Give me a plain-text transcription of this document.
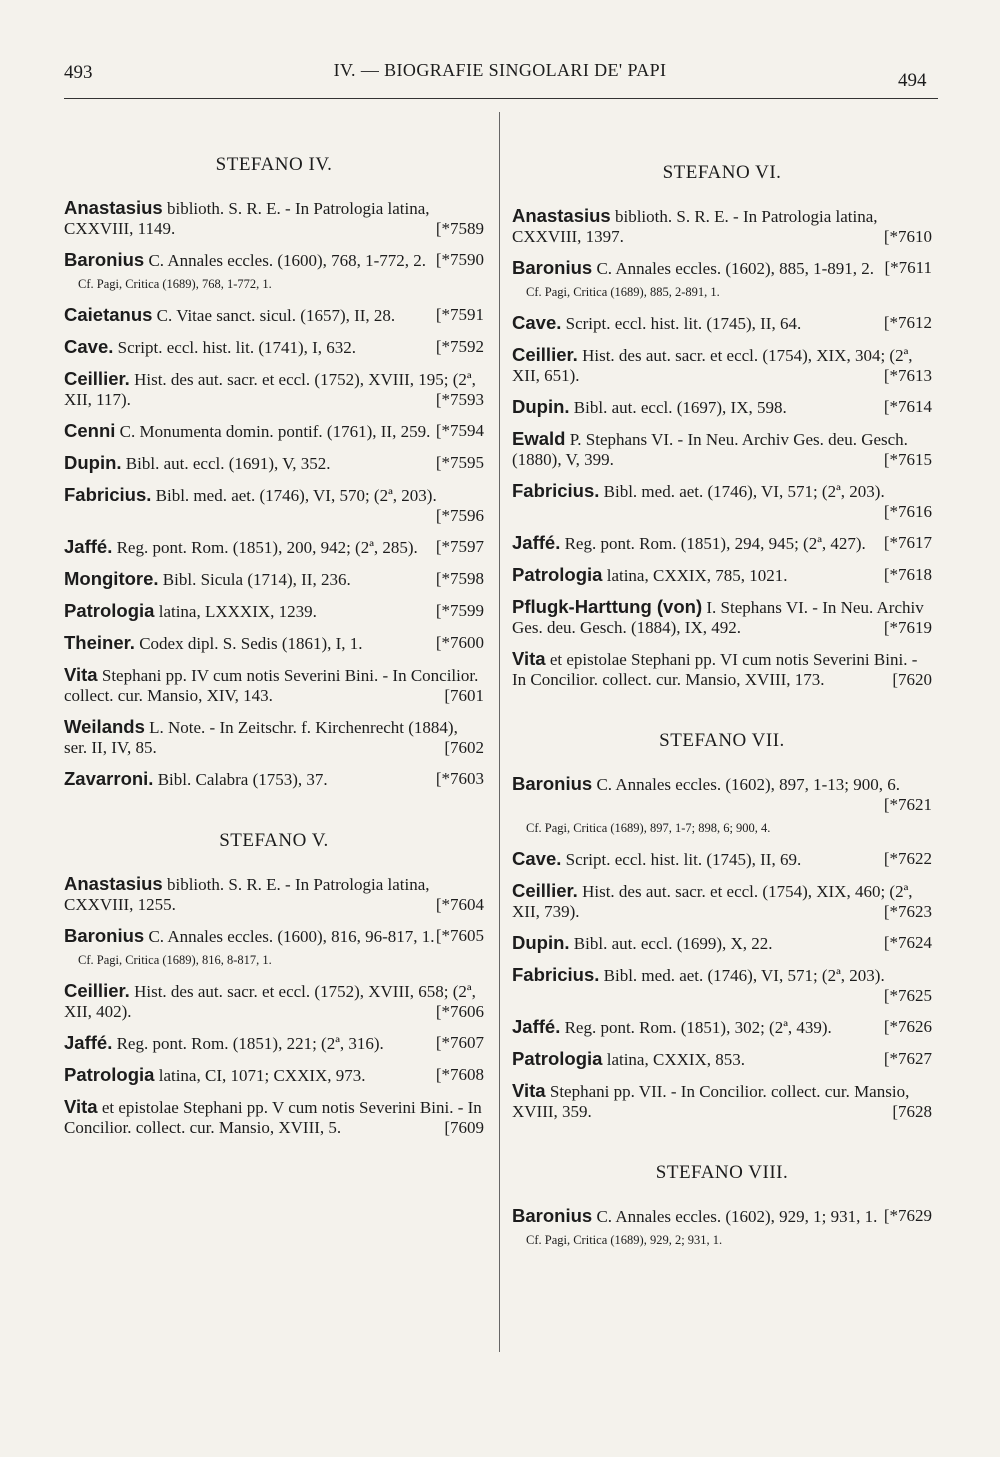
493	IV. — BIOGRAFIE SINGOLARI DE' PAPI	494
STEFANO IV.
Anastasius biblioth. S. R. E. - In Patrologia latina, CXXVIII, 1149.	[*7589
Baronius C. Annales eccles. (1600), 768, 1-772, 2. [*7590
Cf. Pagi, Critica (1689), 768, 1-772, 1.
Caietanus C. Vitae sanct. sicul. (1657), II, 28. [*7591
Cave. Script. eccl. hist. lit. (1741), I, 632.	[*7592
Ceillier. Hist. des aut. sacr. et eccl. (1752), XVIII, 195; (2ª, XII, 117).	[*7593
Cenni C. Monumenta domin. pontif. (1761), II, 259. [*7594
Dupin. Bibl. aut. eccl. (1691), V, 352.	[*7595
Fabricius. Bibl. med. aet. (1746), VI, 570; (2ª, 203).
[*7596
Jaffé. Reg. pont. Rom. (1851), 200, 942; (2ª, 285). [*7597
Mongitore. Bibl. Sicula (1714), II, 236.	[*7598
Patrologia latina, LXXXIX, 1239.	[*7599
Theiner. Codex dipl. S. Sedis (1861), I, 1.	[*7600
Vita Stephani pp. IV cum notis Severini Bini. - In Concilior. collect. cur. Mansio, XIV, 143.	[7601
Weilands L. Note. - In Zeitschr. f. Kirchenrecht (1884), ser. II, IV, 85.	[7602
Zavarroni. Bibl. Calabra (1753), 37.	[*7603
STEFANO V.
Anastasius biblioth. S. R. E. - In Patrologia latina, CXXVIII, 1255.	[*7604
Baronius C. Annales eccles. (1600), 816, 96-817, 1. [*7605
Cf. Pagi, Critica (1689), 816, 8-817, 1.
Ceillier. Hist. des aut. sacr. et eccl. (1752), XVIII, 658; (2ª, XII, 402).	[*7606
Jaffé. Reg. pont. Rom. (1851), 221; (2ª, 316).	[*7607
Patrologia latina, CI, 1071; CXXIX, 973.	[*7608
Vita et epistolae Stephani pp. V cum notis Severini Bini. - In Concilior. collect. cur. Mansio, XVIII, 5.	[7609
STEFANO VI.
Anastasius biblioth. S. R. E. - In Patrologia latina, CXXVIII, 1397.	[*7610
Baronius C. Annales eccles. (1602), 885, 1-891, 2. [*7611
Cf. Pagi, Critica (1689), 885, 2-891, 1.
Cave. Script. eccl. hist. lit. (1745), II, 64.	[*7612
Ceillier. Hist. des aut. sacr. et eccl. (1754), XIX, 304; (2ª, XII, 651).	[*7613
Dupin. Bibl. aut. eccl. (1697), IX, 598.	[*7614
Ewald P. Stephans VI. - In Neu. Archiv Ges. deu. Gesch. (1880), V, 399.	[*7615
Fabricius. Bibl. med. aet. (1746), VI, 571; (2ª, 203).
[*7616
Jaffé. Reg. pont. Rom. (1851), 294, 945; (2ª, 427). [*7617
Patrologia latina, CXXIX, 785, 1021.	[*7618
Pflugk-Harttung (von) I. Stephans VI. - In Neu. Archiv Ges. deu. Gesch. (1884), IX, 492.	[*7619
Vita et epistolae Stephani pp. VI cum notis Severini Bini. - In Concilior. collect. cur. Mansio, XVIII, 173.	[7620
STEFANO VII.
Baronius C. Annales eccles. (1602), 897, 1-13; 900, 6.
[*7621
Cf. Pagi, Critica (1689), 897, 1-7; 898, 6; 900, 4.
Cave. Script. eccl. hist. lit. (1745), II, 69.	[*7622
Ceillier. Hist. des aut. sacr. et eccl. (1754), XIX, 460; (2ª, XII, 739).	[*7623
Dupin. Bibl. aut. eccl. (1699), X, 22.	[*7624
Fabricius. Bibl. med. aet. (1746), VI, 571; (2ª, 203).
[*7625
Jaffé. Reg. pont. Rom. (1851), 302; (2ª, 439).	[*7626
Patrologia latina, CXXIX, 853.	[*7627
Vita Stephani pp. VII. - In Concilior. collect. cur. Mansio, XVIII, 359.	[7628
STEFANO VIII.
Baronius C. Annales eccles. (1602), 929, 1; 931, 1. [*7629
Cf. Pagi, Critica (1689), 929, 2; 931, 1.
